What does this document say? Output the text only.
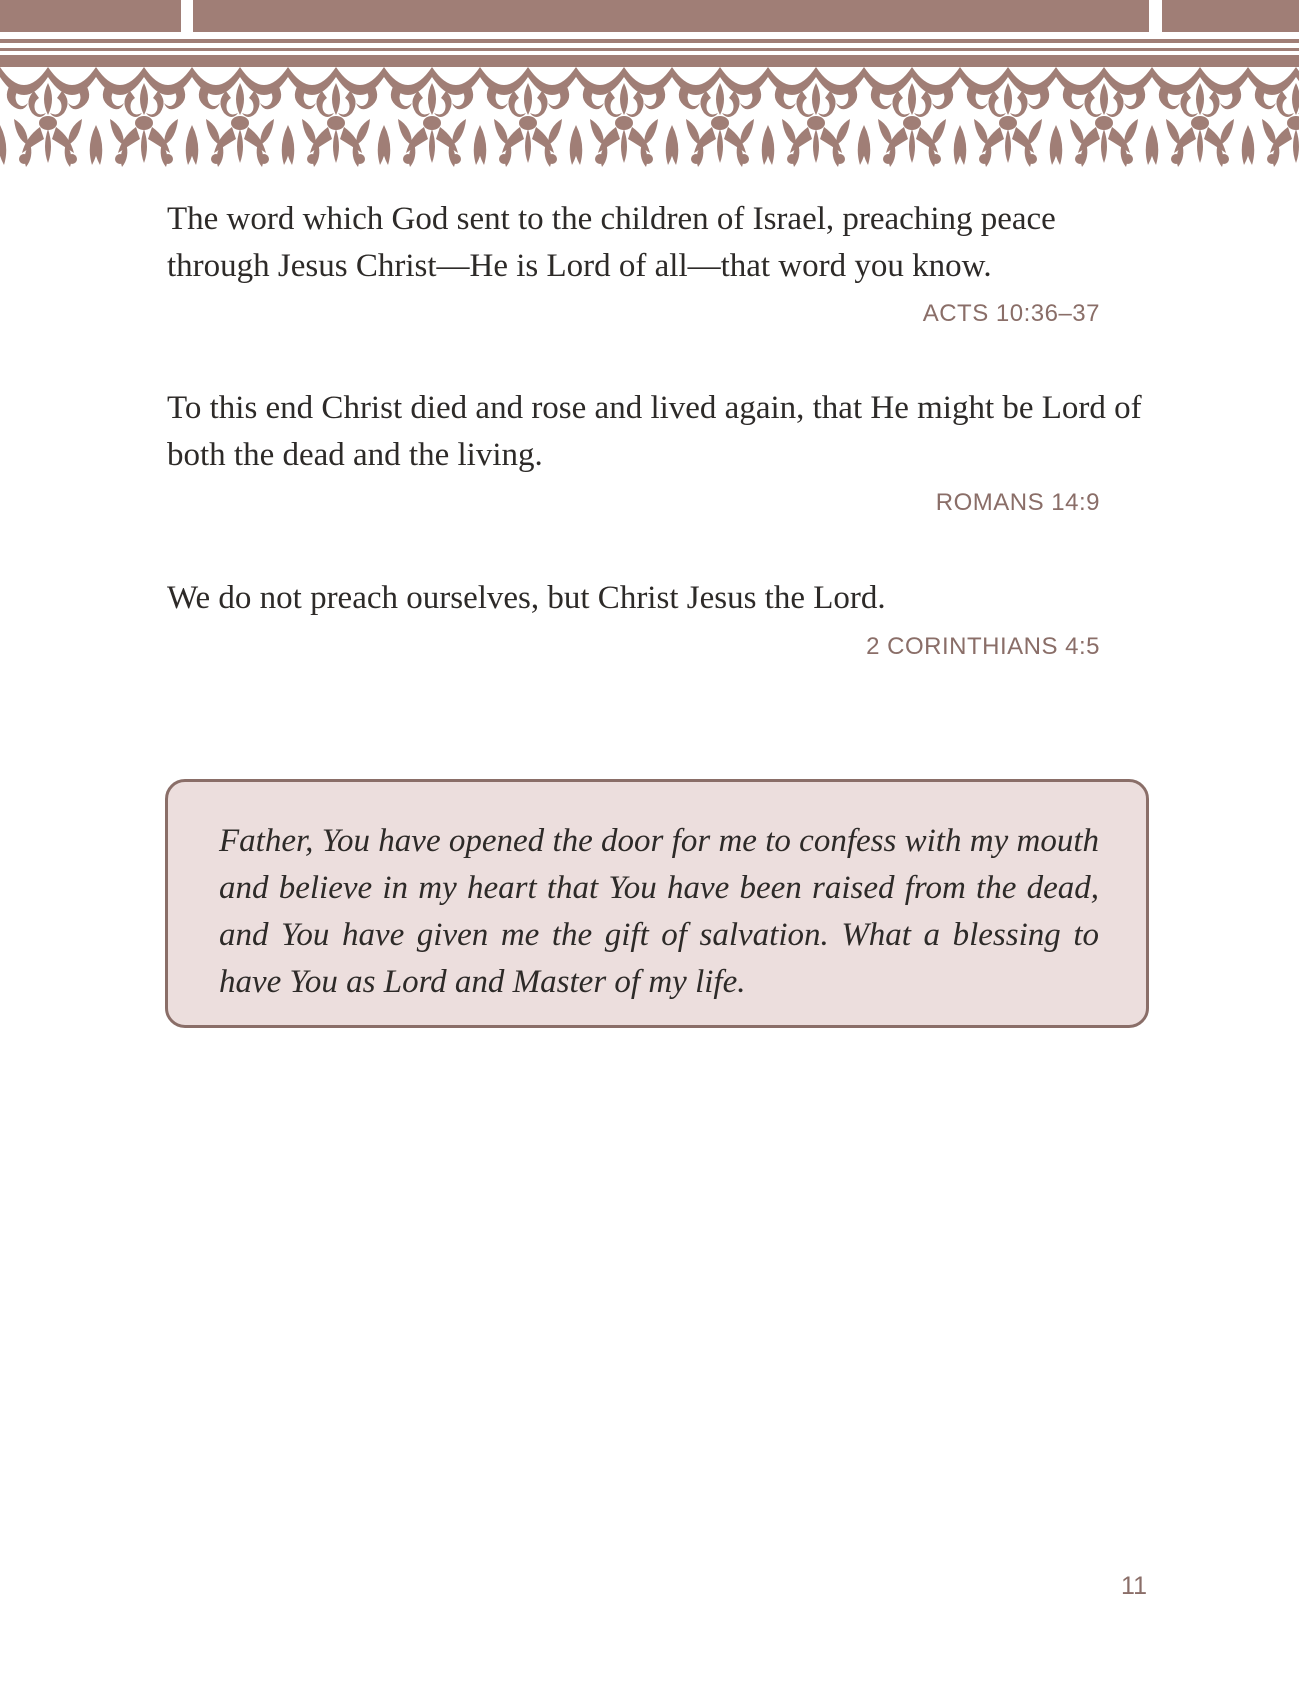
The word which God sent to the children of Israel, preaching peace through Jesus Christ—He is Lord of all—that word you know.

ACTS 10:36–37

To this end Christ died and rose and lived again, that He might be Lord of both the dead and the living.

ROMANS 14:9

We do not preach ourselves, but Christ Jesus the Lord.

2 CORINTHIANS 4:5

Father, You have opened the door for me to confess with my mouth and believe in my heart that You have been raised from the dead, and You have given me the gift of salvation. What a blessing to have You as Lord and Master of my life.

11
